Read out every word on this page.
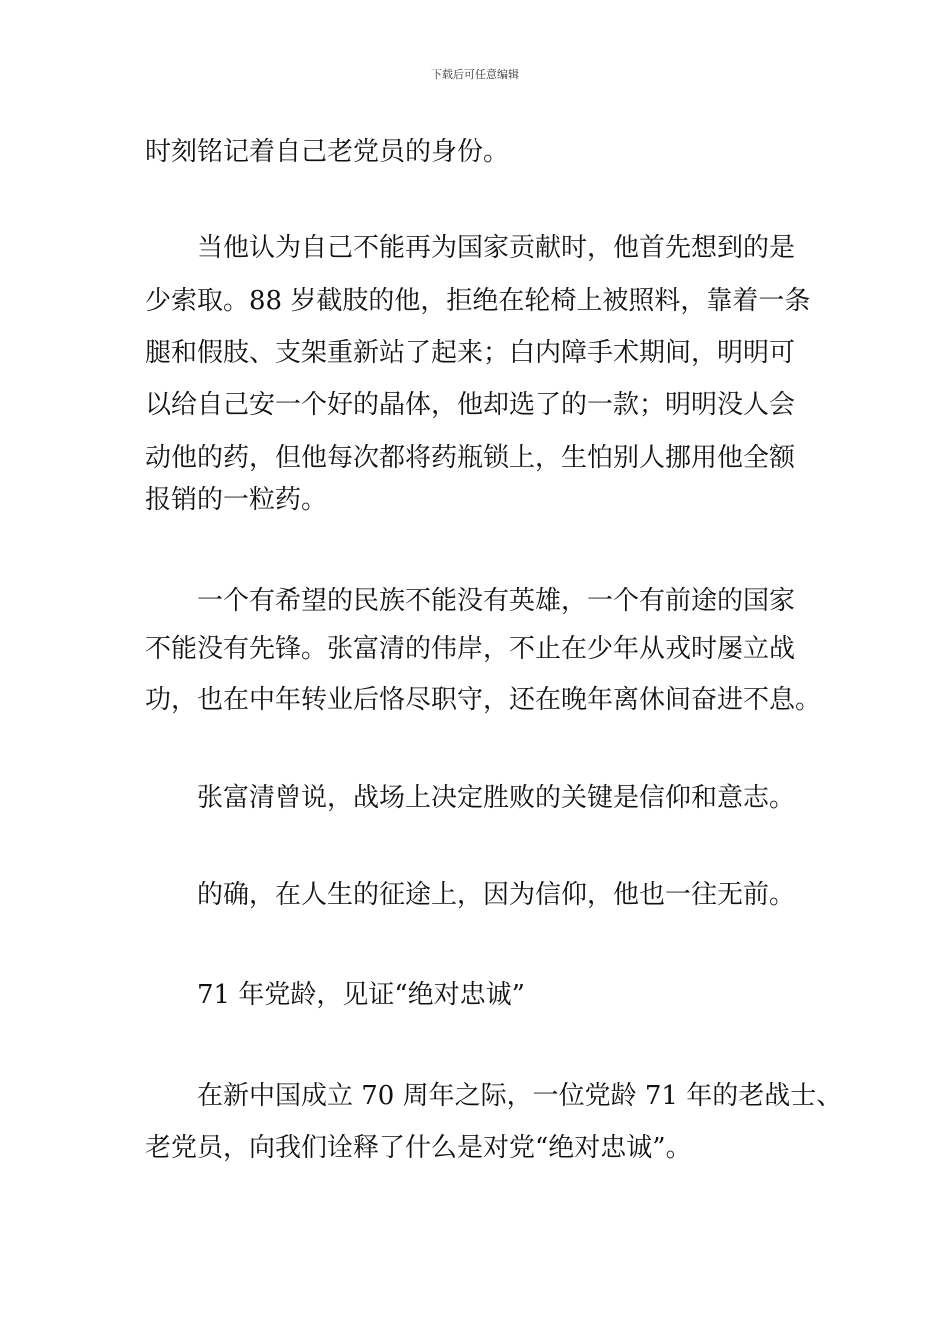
下载后可任意编辑
时刻铭记着自己老党员的身份。
当他认为自己不能再为国家贡献时，他首先想到的是
少索取。88 岁截肢的他，拒绝在轮椅上被照料，靠着一条
腿和假肢、支架重新站了起来；白内障手术期间，明明可
以给自己安一个好的晶体，他却选了的一款；明明没人会
动他的药，但他每次都将药瓶锁上，生怕别人挪用他全额
报销的一粒药。
一个有希望的民族不能没有英雄，一个有前途的国家
不能没有先锋。张富清的伟岸，不止在少年从戎时屡立战
功，也在中年转业后恪尽职守，还在晚年离休间奋进不息。
张富清曾说，战场上决定胜败的关键是信仰和意志。
的确，在人生的征途上，因为信仰，他也一往无前。
71 年党龄，见证“绝对忠诚”
在新中国成立 70 周年之际，一位党龄 71 年的老战士、
老党员，向我们诠释了什么是对党“绝对忠诚”。
